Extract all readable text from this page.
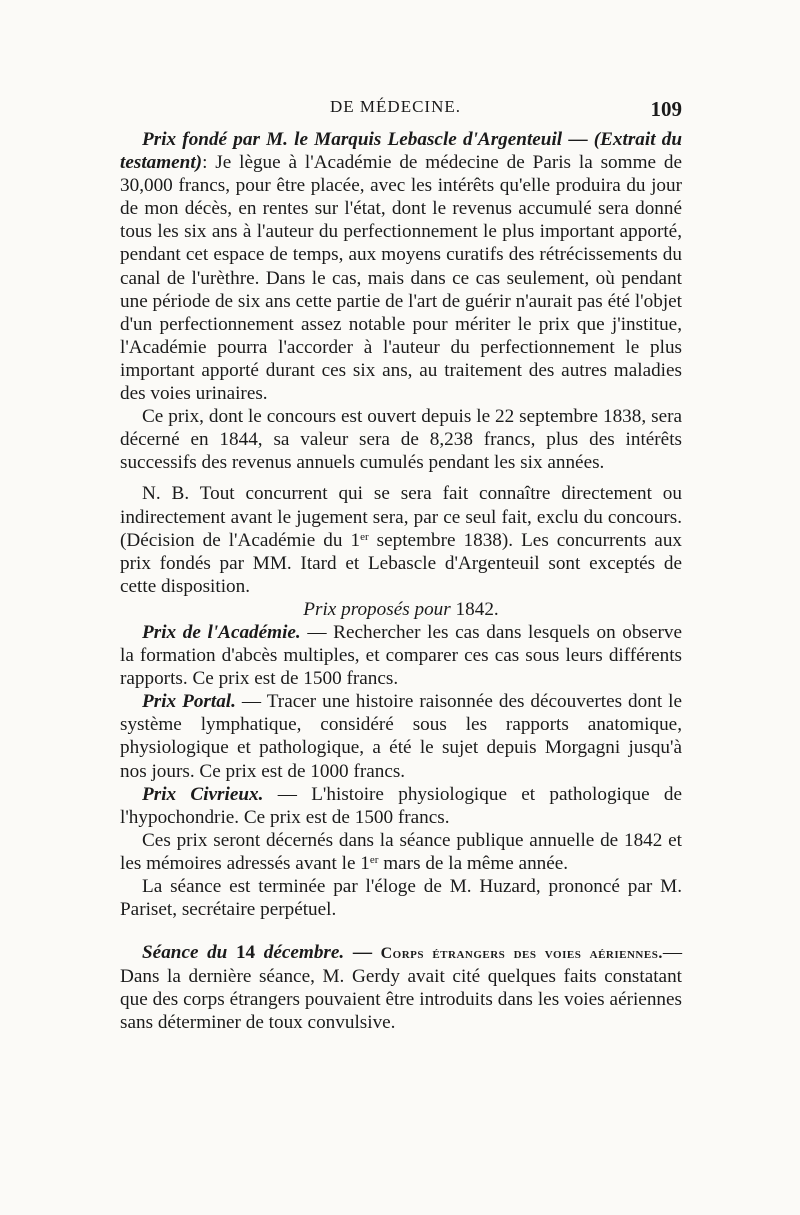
DE MÉDECINE.	109

Prix fondé par M. le Marquis Lebascle d'Argenteuil — (Extrait du testament): Je lègue à l'Académie de médecine de Paris la somme de 30,000 francs, pour être placée, avec les intérêts qu'elle produira du jour de mon décès, en rentes sur l'état, dont le revenus accumulé sera donné tous les six ans à l'auteur du perfectionnement le plus important apporté, pendant cet espace de temps, aux moyens curatifs des rétrécissements du canal de l'urèthre. Dans le cas, mais dans ce cas seulement, où pendant une période de six ans cette partie de l'art de guérir n'aurait pas été l'objet d'un perfectionnement assez notable pour mériter le prix que j'institue, l'Académie pourra l'accorder à l'auteur du perfectionnement le plus important apporté durant ces six ans, au traitement des autres maladies des voies urinaires.

Ce prix, dont le concours est ouvert depuis le 22 septembre 1838, sera décerné en 1844, sa valeur sera de 8,238 francs, plus des intérêts successifs des revenus annuels cumulés pendant les six années.

N. B. Tout concurrent qui se sera fait connaître directement ou indirectement avant le jugement sera, par ce seul fait, exclu du concours. (Décision de l'Académie du 1er septembre 1838). Les concurrents aux prix fondés par MM. Itard et Lebascle d'Argenteuil sont exceptés de cette disposition.

Prix proposés pour 1842.

Prix de l'Académie. — Rechercher les cas dans lesquels on observe la formation d'abcès multiples, et comparer ces cas sous leurs différents rapports. Ce prix est de 1500 francs.

Prix Portal. — Tracer une histoire raisonnée des découvertes dont le système lymphatique, considéré sous les rapports anatomique, physiologique et pathologique, a été le sujet depuis Morgagni jusqu'à nos jours. Ce prix est de 1000 francs.

Prix Civrieux. — L'histoire physiologique et pathologique de l'hypochondrie. Ce prix est de 1500 francs.

Ces prix seront décernés dans la séance publique annuelle de 1842 et les mémoires adressés avant le 1er mars de la même année.

La séance est terminée par l'éloge de M. Huzard, prononcé par M. Pariset, secrétaire perpétuel.

Séance du 14 décembre. — Corps étrangers des voies aériennes.—Dans la dernière séance, M. Gerdy avait cité quelques faits constatant que des corps étrangers pouvaient être introduits dans les voies aériennes sans déterminer de toux convulsive.
